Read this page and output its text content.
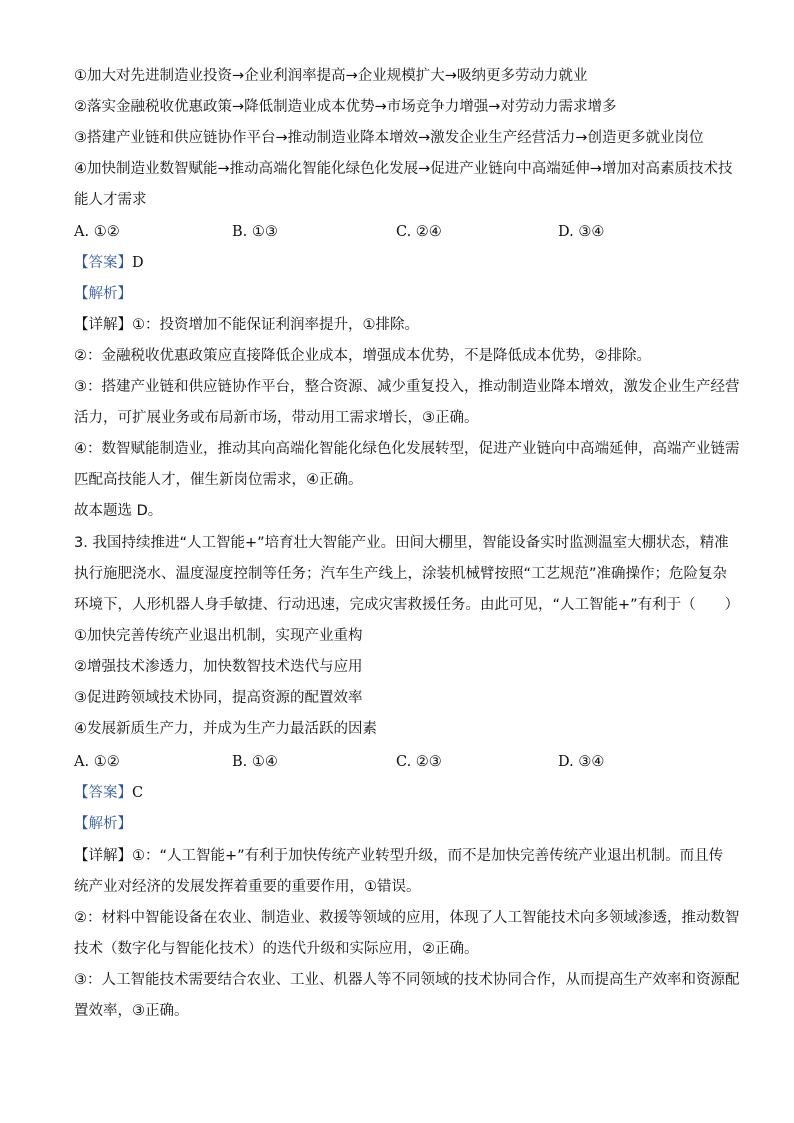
①加大对先进制造业投资→企业利润率提高→企业规模扩大→吸纳更多劳动力就业
②落实金融税收优惠政策→降低制造业成本优势→市场竞争力增强→对劳动力需求增多
③搭建产业链和供应链协作平台→推动制造业降本增效→激发企业生产经营活力→创造更多就业岗位
④加快制造业数智赋能→推动高端化智能化绿色化发展→促进产业链向中高端延伸→增加对高素质技术技
能人才需求
A. ①②	B. ①③	C. ②④	D. ③④
【答案】D
【解析】
【详解】①：投资增加不能保证利润率提升，①排除。
②：金融税收优惠政策应直接降低企业成本，增强成本优势，不是降低成本优势，②排除。
③：搭建产业链和供应链协作平台，整合资源、减少重复投入，推动制造业降本增效，激发企业生产经营
活力，可扩展业务或布局新市场，带动用工需求增长，③正确。
④：数智赋能制造业，推动其向高端化智能化绿色化发展转型，促进产业链向中高端延伸，高端产业链需
匹配高技能人才，催生新岗位需求，④正确。
故本题选 D。
3. 我国持续推进“人工智能+”培育壮大智能产业。田间大棚里，智能设备实时监测温室大棚状态，精准
执行施肥浇水、温度湿度控制等任务；汽车生产线上，涂装机械臂按照“工艺规范”准确操作；危险复杂
环境下，人形机器人身手敏捷、行动迅速，完成灾害救援任务。由此可见，“人工智能+”有利于（　　）
①加快完善传统产业退出机制，实现产业重构
②增强技术渗透力，加快数智技术迭代与应用
③促进跨领域技术协同，提高资源的配置效率
④发展新质生产力，并成为生产力最活跃的因素
A. ①②	B. ①④	C. ②③	D. ③④
【答案】C
【解析】
【详解】①：“人工智能+”有利于加快传统产业转型升级，而不是加快完善传统产业退出机制。而且传
统产业对经济的发展发挥着重要的重要作用，①错误。
②：材料中智能设备在农业、制造业、救援等领域的应用，体现了人工智能技术向多领域渗透，推动数智
技术（数字化与智能化技术）的迭代升级和实际应用，②正确。
③：人工智能技术需要结合农业、工业、机器人等不同领域的技术协同合作，从而提高生产效率和资源配
置效率，③正确。
